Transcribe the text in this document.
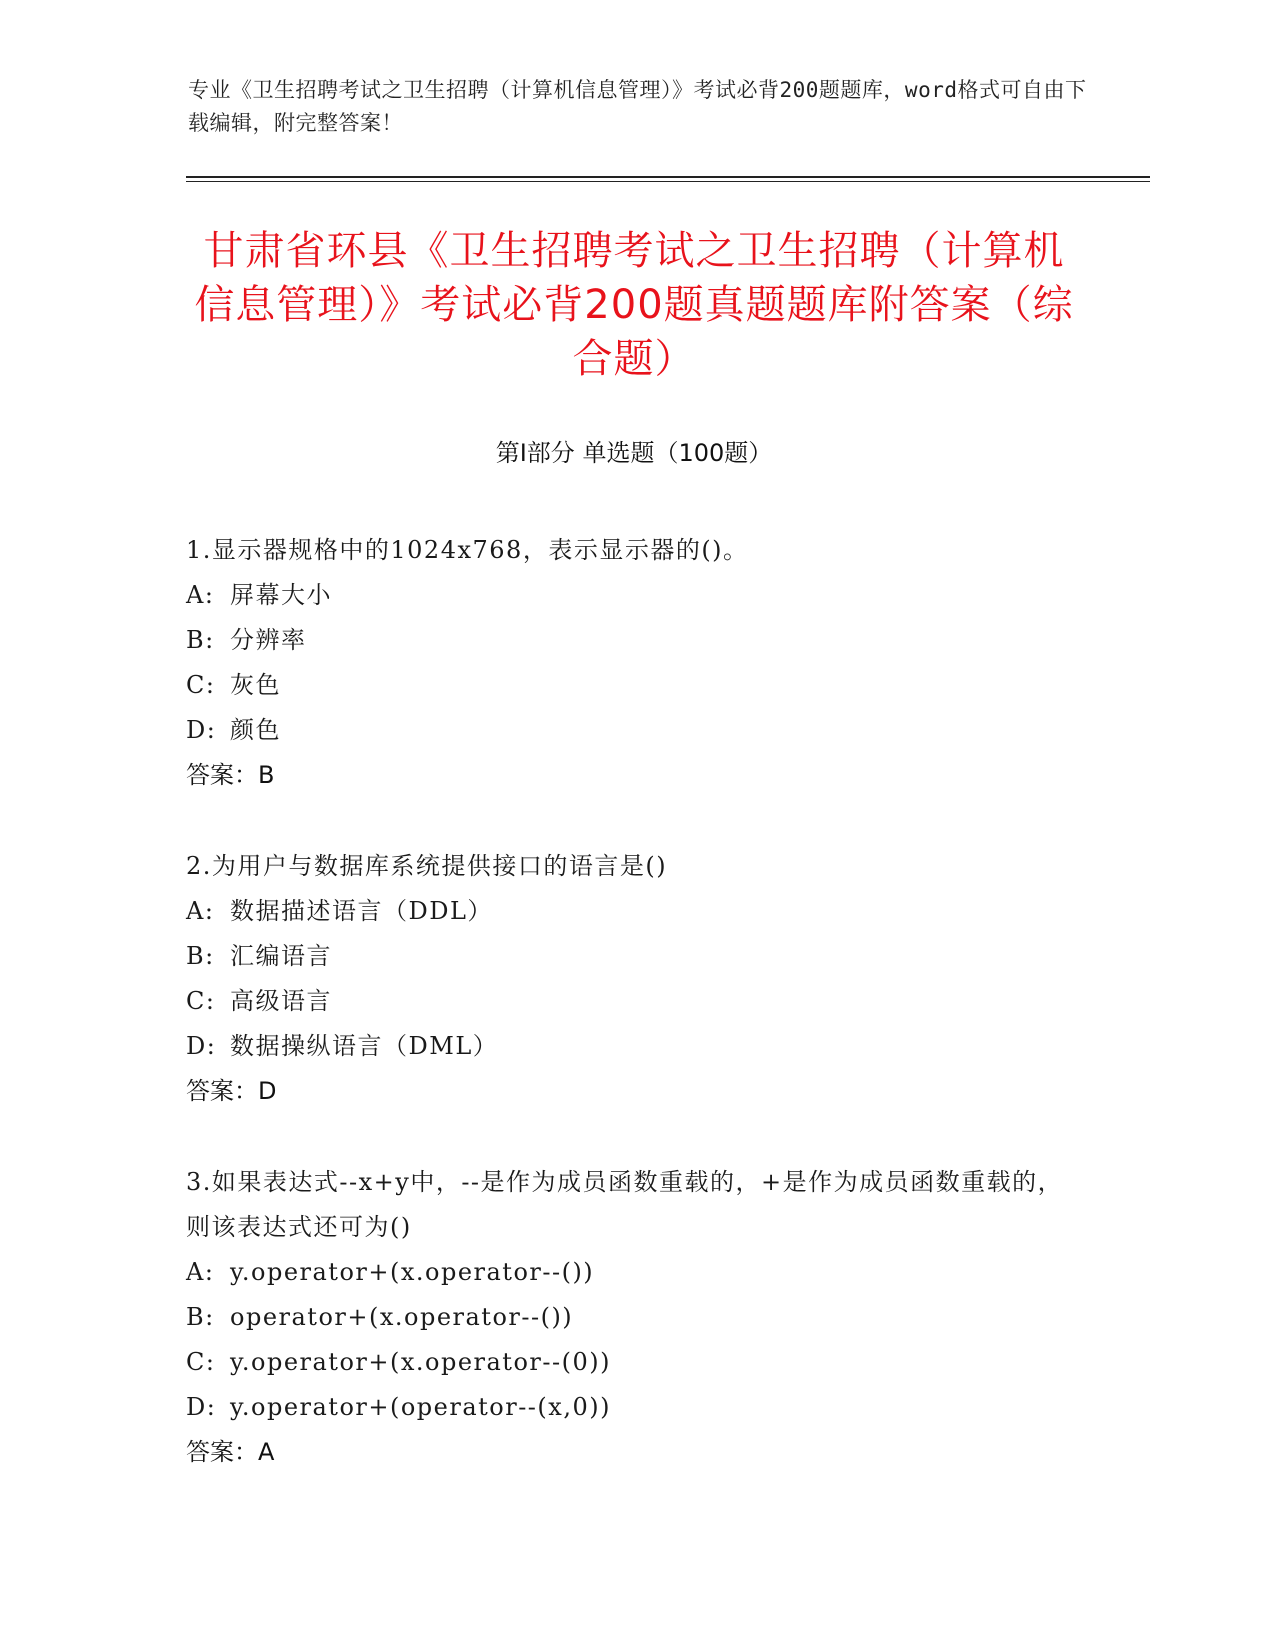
专业《卫生招聘考试之卫生招聘（计算机信息管理）》考试必背200题题库，word格式可自由下载编辑，附完整答案！
甘肃省环县《卫生招聘考试之卫生招聘（计算机信息管理）》考试必背200题真题题库附答案（综合题）
第Ⅰ部分 单选题（100题）
1.显示器规格中的1024x768，表示显示器的()。
A: 屏幕大小
B: 分辨率
C: 灰色
D: 颜色
答案：B
2.为用户与数据库系统提供接口的语言是()
A: 数据描述语言（DDL）
B: 汇编语言
C: 高级语言
D: 数据操纵语言（DML）
答案：D
3.如果表达式--x+y中，--是作为成员函数重载的，+是作为成员函数重载的，则该表达式还可为()
A: y.operator+(x.operator--())
B: operator+(x.operator--())
C: y.operator+(x.operator--(0))
D: y.operator+(operator--(x,0))
答案：A
